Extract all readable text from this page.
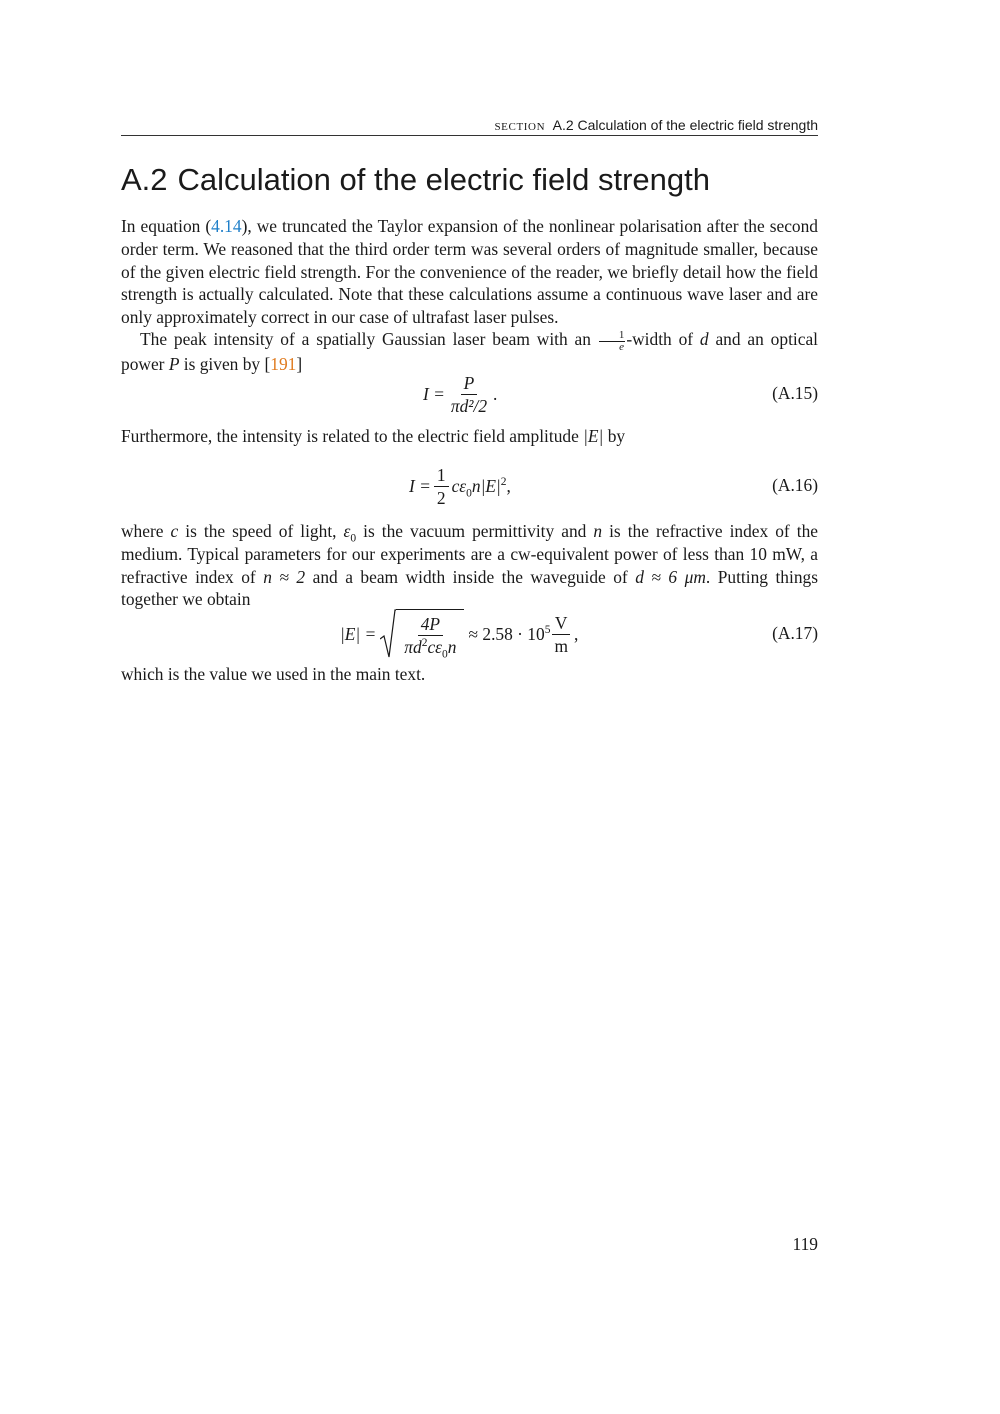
SECTION A.2 Calculation of the electric field strength
A.2 Calculation of the electric field strength

In equation (4.14), we truncated the Taylor expansion of the nonlinear polarisation after the second order term. We reasoned that the third order term was several orders of magnitude smaller, because of the given electric field strength. For the convenience of the reader, we briefly detail how the field strength is actually calculated. Note that these calculations assume a continuous wave laser and are only approximately correct in our case of ultrafast laser pulses.

The peak intensity of a spatially Gaussian laser beam with an $\frac{1}{e}$ -width of d and an optical power P is given by [191]

$I = \frac{P}{\text{πd²/2}}$ .	(A.15)

Furthermore, the intensity is related to the electric field amplitude |E| by

$I = \frac{1}{2} c\varepsilon_0n|E|^2$ ,	(A.16)

where c is the speed of light, $\varepsilon_0$ is the vacuum permittivity and n is the refractive index of the medium. Typical parameters for our experiments are a cw-equivalent power of less than 10 mW, a refractive index of n ≈ 2 and a beam width inside the waveguide of d ≈ 6 μm. Putting things together we obtain

$|E| = \frac{4P}{\pi d^2c\varepsilon_0n} \approx 2.58 \cdot 10^5 \frac{V}{m}$ ,	(A.17)

which is the value we used in the main text.

119
